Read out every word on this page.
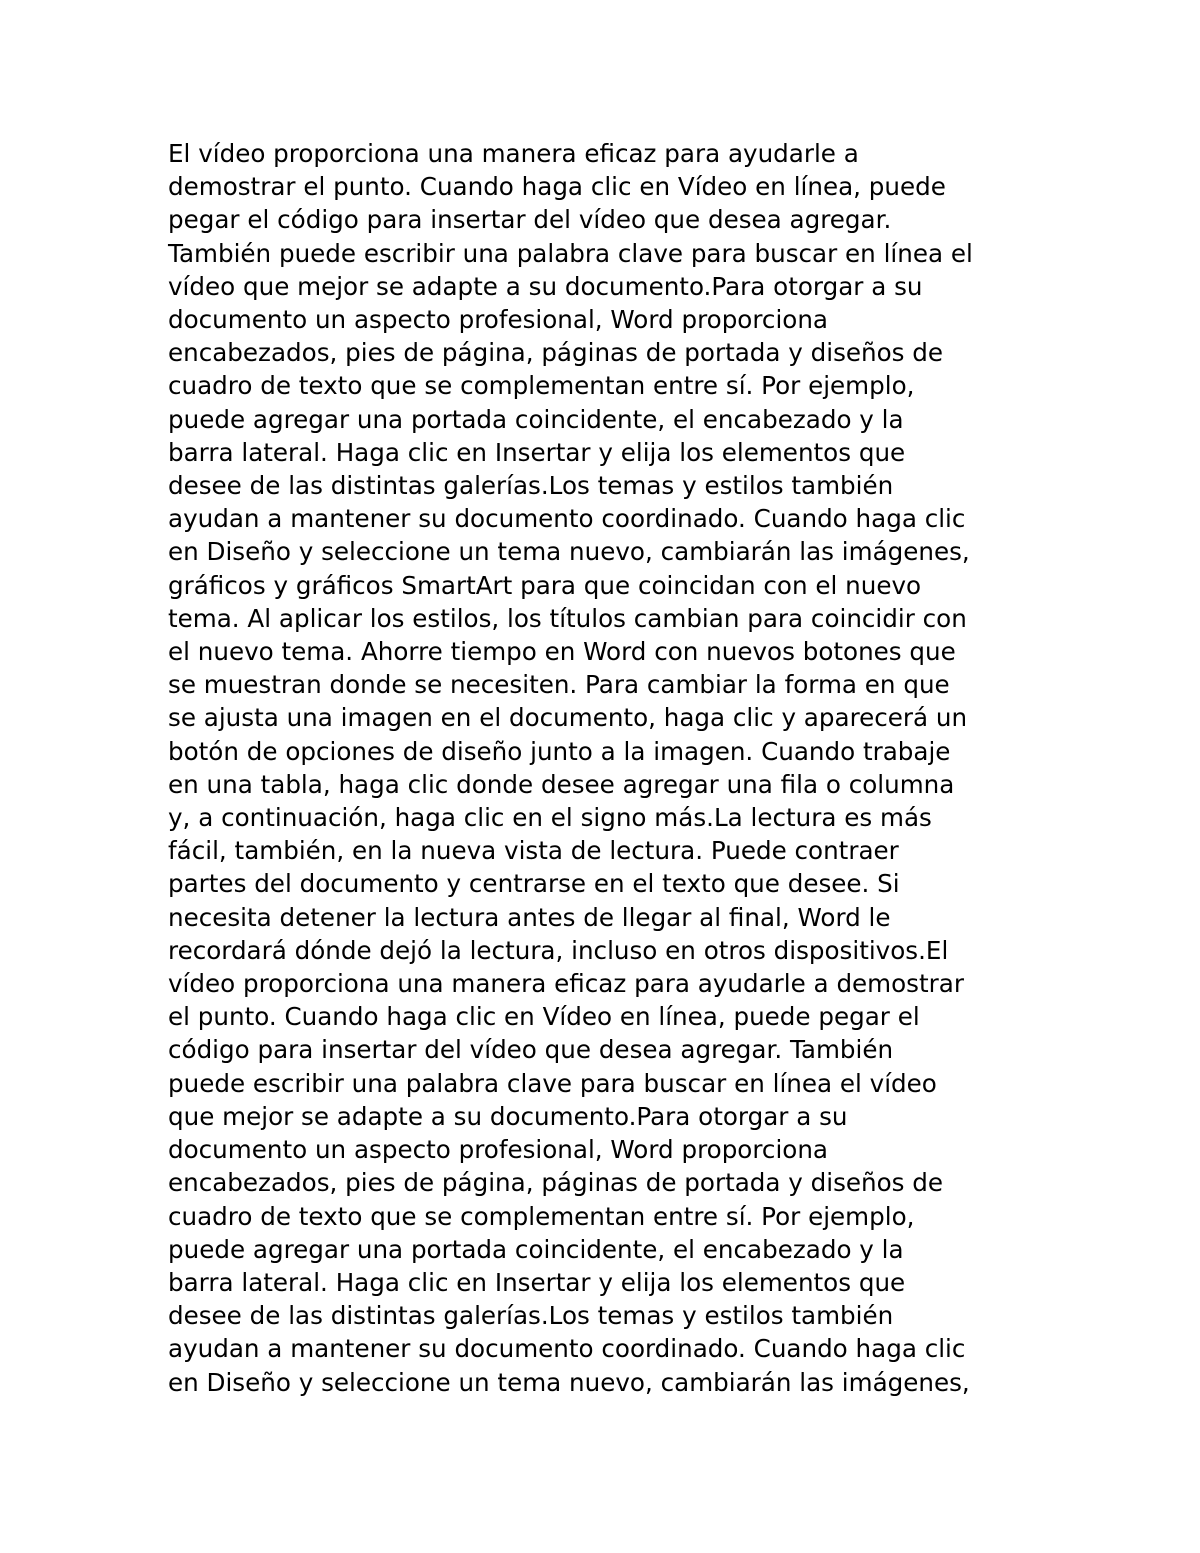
El vídeo proporciona una manera eficaz para ayudarle a
demostrar el punto. Cuando haga clic en Vídeo en línea, puede
pegar el código para insertar del vídeo que desea agregar.
También puede escribir una palabra clave para buscar en línea el
vídeo que mejor se adapte a su documento.Para otorgar a su
documento un aspecto profesional, Word proporciona
encabezados, pies de página, páginas de portada y diseños de
cuadro de texto que se complementan entre sí. Por ejemplo,
puede agregar una portada coincidente, el encabezado y la
barra lateral. Haga clic en Insertar y elija los elementos que
desee de las distintas galerías.Los temas y estilos también
ayudan a mantener su documento coordinado. Cuando haga clic
en Diseño y seleccione un tema nuevo, cambiarán las imágenes,
gráficos y gráficos SmartArt para que coincidan con el nuevo
tema. Al aplicar los estilos, los títulos cambian para coincidir con
el nuevo tema. Ahorre tiempo en Word con nuevos botones que
se muestran donde se necesiten. Para cambiar la forma en que
se ajusta una imagen en el documento, haga clic y aparecerá un
botón de opciones de diseño junto a la imagen. Cuando trabaje
en una tabla, haga clic donde desee agregar una fila o columna
y, a continuación, haga clic en el signo más.La lectura es más
fácil, también, en la nueva vista de lectura. Puede contraer
partes del documento y centrarse en el texto que desee. Si
necesita detener la lectura antes de llegar al final, Word le
recordará dónde dejó la lectura, incluso en otros dispositivos.El
vídeo proporciona una manera eficaz para ayudarle a demostrar
el punto. Cuando haga clic en Vídeo en línea, puede pegar el
código para insertar del vídeo que desea agregar. También
puede escribir una palabra clave para buscar en línea el vídeo
que mejor se adapte a su documento.Para otorgar a su
documento un aspecto profesional, Word proporciona
encabezados, pies de página, páginas de portada y diseños de
cuadro de texto que se complementan entre sí. Por ejemplo,
puede agregar una portada coincidente, el encabezado y la
barra lateral. Haga clic en Insertar y elija los elementos que
desee de las distintas galerías.Los temas y estilos también
ayudan a mantener su documento coordinado. Cuando haga clic
en Diseño y seleccione un tema nuevo, cambiarán las imágenes,
